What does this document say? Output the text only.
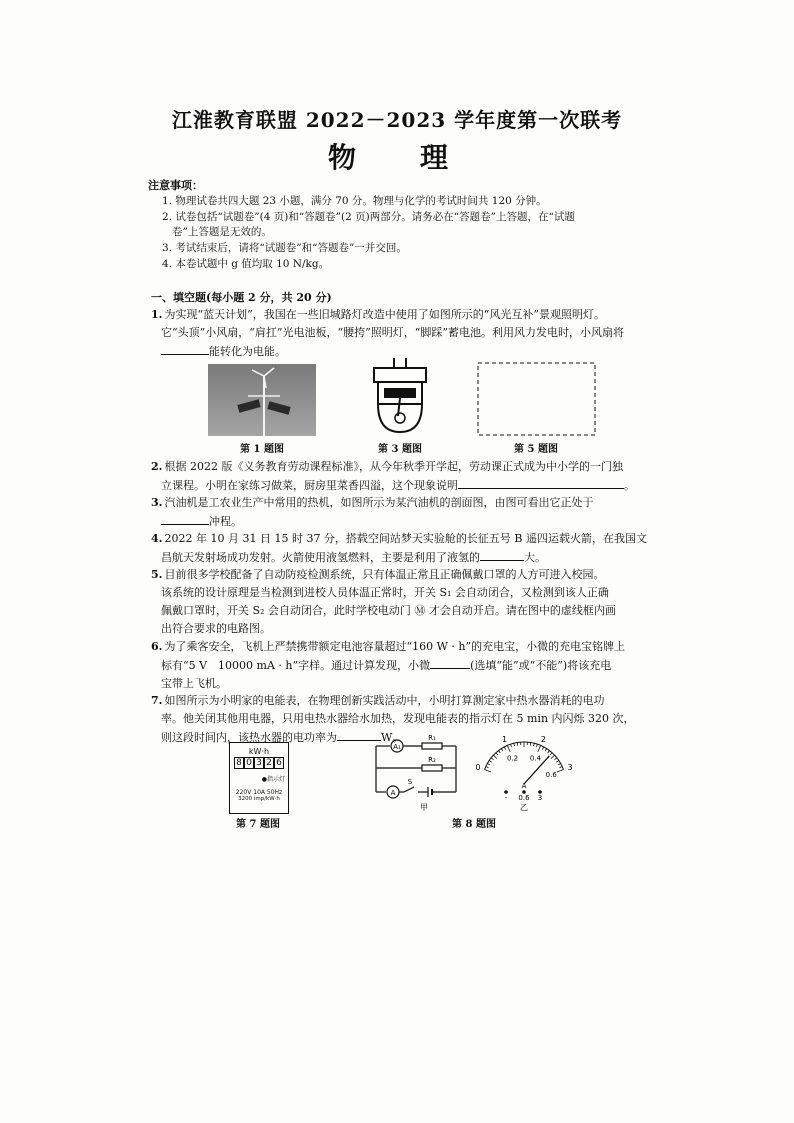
江淮教育联盟 2022－2023 学年度第一次联考
物　理
注意事项：
1. 物理试卷共四大题 23 小题，满分 70 分。物理与化学的考试时间共 120 分钟。
2. 试卷包括“试题卷”(4 页)和“答题卷”(2 页)两部分。请务必在“答题卷”上答题，在“试题
卷”上答题是无效的。
3. 考试结束后，请将“试题卷”和“答题卷”一并交回。
4. 本卷试题中 g 值均取 10 N/kg。
一、填空题(每小题 2 分，共 20 分)
1. 为实现“蓝天计划”，我国在一些旧城路灯改造中使用了如图所示的“风光互补”景观照明灯。
它“头顶”小风扇，“肩扛”光电池板，“腰挎”照明灯，“脚踩”蓄电池。利用风力发电时，小风扇将
能转化为电能。
第 1 题图	第 3 题图	第 5 题图
2. 根据 2022 版《义务教育劳动课程标准》，从今年秋季开学起，劳动课正式成为中小学的一门独
立课程。小明在家练习做菜，厨房里菜香四溢，这个现象说明	。
3. 汽油机是工农业生产中常用的热机，如图所示为某汽油机的剖面图，由图可看出它正处于
冲程。
4. 2022 年 10 月 31 日 15 时 37 分，搭载空间站梦天实验舱的长征五号 B 遥四运载火箭，在我国文
昌航天发射场成功发射。火箭使用液氢燃料，主要是利用了液氢的	大。
5. 目前很多学校配备了自动防疫检测系统，只有体温正常且正确佩戴口罩的人方可进入校园。
该系统的设计原理是当检测到进校人员体温正常时，开关 S₁ 会自动闭合，又检测到该人正确
佩戴口罩时，开关 S₂ 会自动闭合，此时学校电动门 Ⓜ 才会自动开启。请在图中的虚线框内画
出符合要求的电路图。
6. 为了乘客安全，飞机上严禁携带额定电池容量超过“160 W · h”的充电宝，小微的充电宝铭牌上
标有“5 V　10000 mA · h”字样。通过计算发现，小微	(选填“能”或“不能”)将该充电
宝带上飞机。
7. 如图所示为小明家的电能表，在物理创新实践活动中，小明打算测定家中热水器消耗的电功
率。他关闭其他用电器，只用电热水器给水加热，发现电能表的指示灯在 5 min 内闪烁 320 次，
则这段时间内，该热水器的电功率为	W。
kW·h
8 0 3 2 6
●指示灯
220V 10A 50Hz
3200 imp/kW·h
第 7 题图
A₁
R₁
R₂
A
S
甲
0
1	2
3
0.2 0.4
0.6
A
- 0.6 3
乙
第 8 题图
